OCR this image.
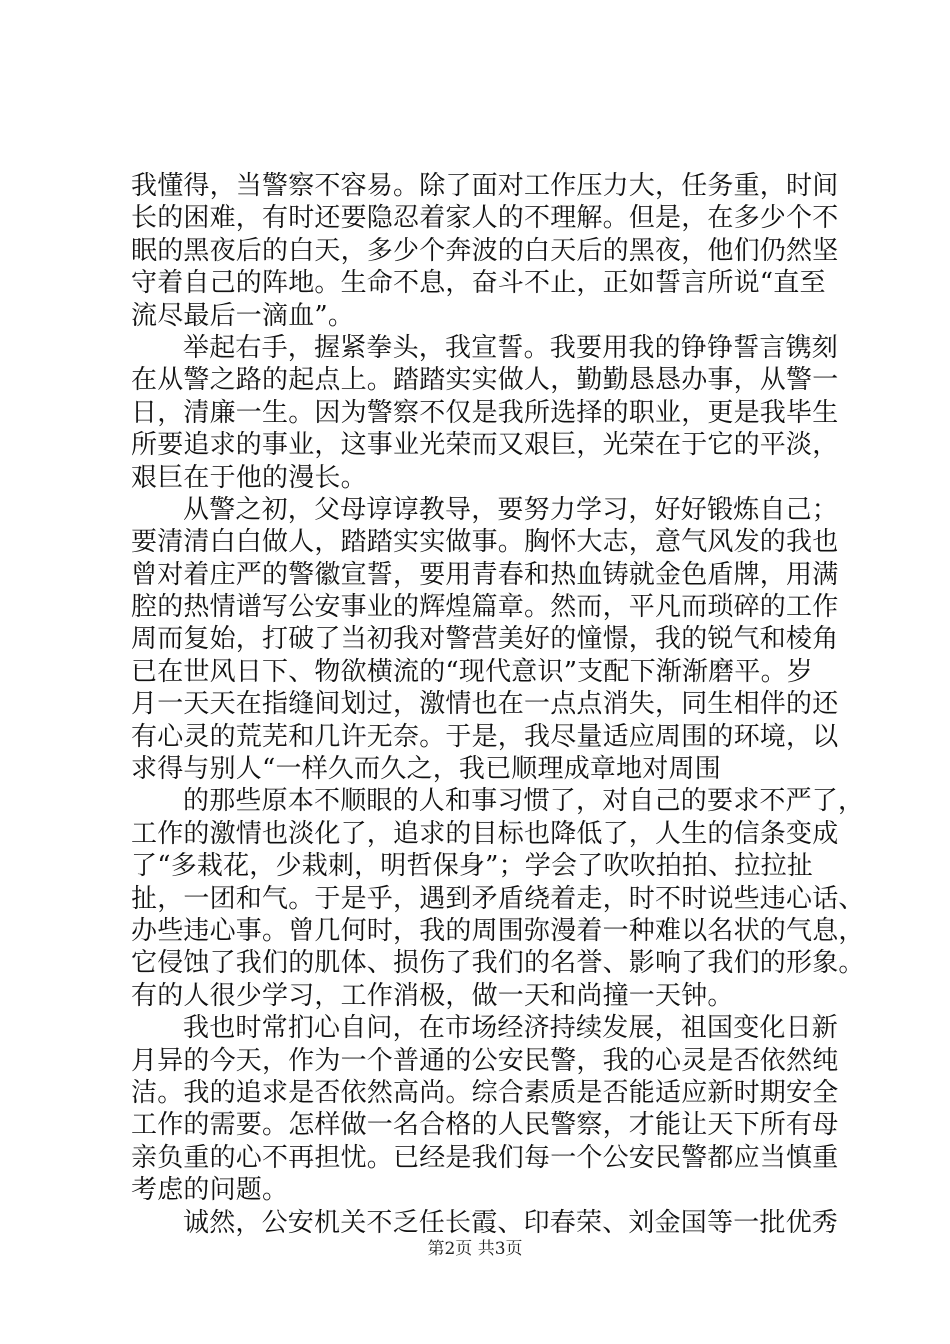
我懂得，当警察不容易。除了面对工作压力大，任务重，时间
长的困难，有时还要隐忍着家人的不理解。但是，在多少个不
眠的黑夜后的白天，多少个奔波的白天后的黑夜，他们仍然坚
守着自己的阵地。生命不息，奋斗不止，正如誓言所说“直至
流尽最后一滴血”。
举起右手，握紧拳头，我宣誓。我要用我的铮铮誓言镌刻
在从警之路的起点上。踏踏实实做人，勤勤恳恳办事，从警一
日，清廉一生。因为警察不仅是我所选择的职业，更是我毕生
所要追求的事业，这事业光荣而又艰巨，光荣在于它的平淡，
艰巨在于他的漫长。
从警之初，父母谆谆教导，要努力学习，好好锻炼自己；
要清清白白做人，踏踏实实做事。胸怀大志，意气风发的我也
曾对着庄严的警徽宣誓，要用青春和热血铸就金色盾牌，用满
腔的热情谱写公安事业的辉煌篇章。然而，平凡而琐碎的工作
周而复始，打破了当初我对警营美好的憧憬，我的锐气和棱角
已在世风日下、物欲横流的“现代意识”支配下渐渐磨平。岁
月一天天在指缝间划过，激情也在一点点消失，同生相伴的还
有心灵的荒芜和几许无奈。于是，我尽量适应周围的环境，以
求得与别人“一样久而久之，我已顺理成章地对周围
的那些原本不顺眼的人和事习惯了，对自己的要求不严了，
工作的激情也淡化了，追求的目标也降低了，人生的信条变成
了“多栽花，少栽刺，明哲保身”；学会了吹吹拍拍、拉拉扯
扯，一团和气。于是乎，遇到矛盾绕着走，时不时说些违心话、
办些违心事。曾几何时，我的周围弥漫着一种难以名状的气息，
它侵蚀了我们的肌体、损伤了我们的名誉、影响了我们的形象。
有的人很少学习，工作消极，做一天和尚撞一天钟。
我也时常扪心自问，在市场经济持续发展，祖国变化日新
月异的今天，作为一个普通的公安民警，我的心灵是否依然纯
洁。我的追求是否依然高尚。综合素质是否能适应新时期安全
工作的需要。怎样做一名合格的人民警察，才能让天下所有母
亲负重的心不再担忧。已经是我们每一个公安民警都应当慎重
考虑的问题。
诚然，公安机关不乏任长霞、印春荣、刘金国等一批优秀
第2页 共3页
